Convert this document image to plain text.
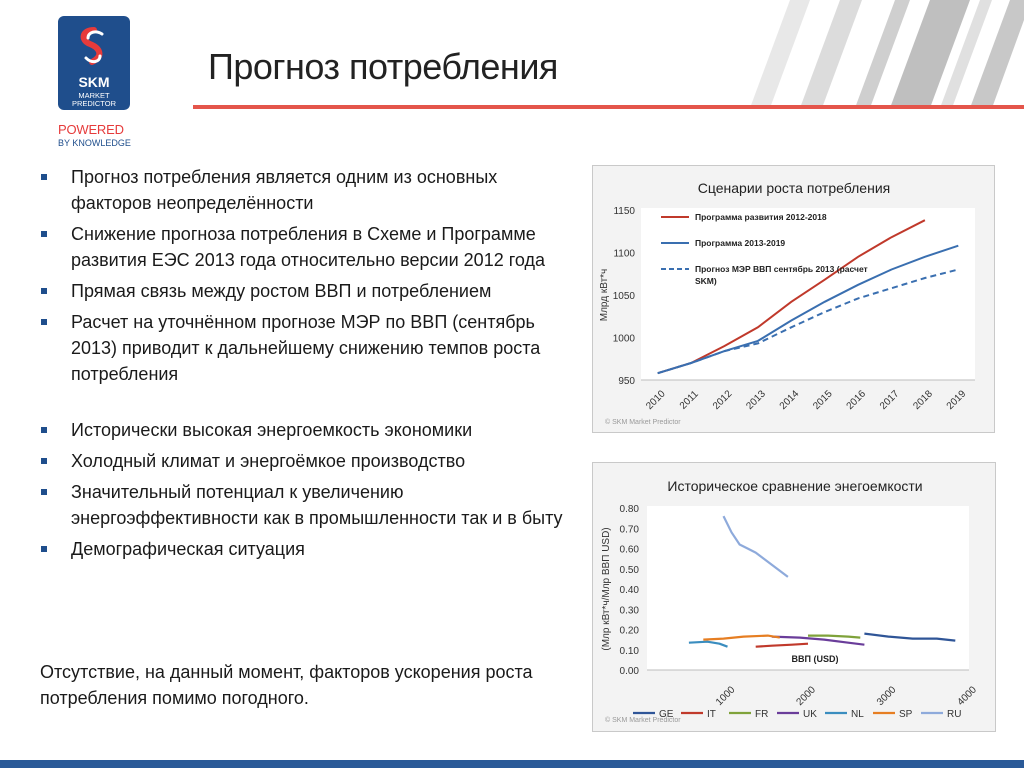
SKM
MARKET
PREDICTOR
POWERED
BY KNOWLEDGE
Прогноз потребления
Прогноз потребления является одним из основных факторов неопределённости
Снижение прогноза потребления в Схеме и Программе развития ЕЭС 2013 года относительно версии 2012 года
Прямая связь между ростом ВВП и потреблением
Расчет на уточнённом прогнозе МЭР по ВВП (сентябрь 2013) приводит к дальнейшему снижению темпов роста потребления
Исторически высокая энергоемкость экономики
Холодный климат и энергоёмкое производство
Значительный потенциал к увеличению энергоэффективности как в промышленности так и в быту
Демографическая ситуация
Отсутствие, на данный момент, факторов ускорения роста потребления помимо погодного.
Сценарии роста потребления
950
1000
1050
1100
1150
2010 2011 2012 2013 2014 2015 2016 2017 2018 2019
Млрд кВт*ч
Программа развития 2012-2018
Программа 2013-2019
Прогноз МЭР ВВП сентябрь 2013 (расчет
SKM)
© SKM Market Predictor
Историческое сравнение энегоемкости
0.00
0.10
0.20
0.30
0.40
0.50
0.60
0.70
0.80
1000	2000	3000	4000
(Млр кВт*ч/Млр ВВП USD)
ВВП (USD)
GE	IT	FR	UK	NL	SP	RU
© SKM Market Predictor
